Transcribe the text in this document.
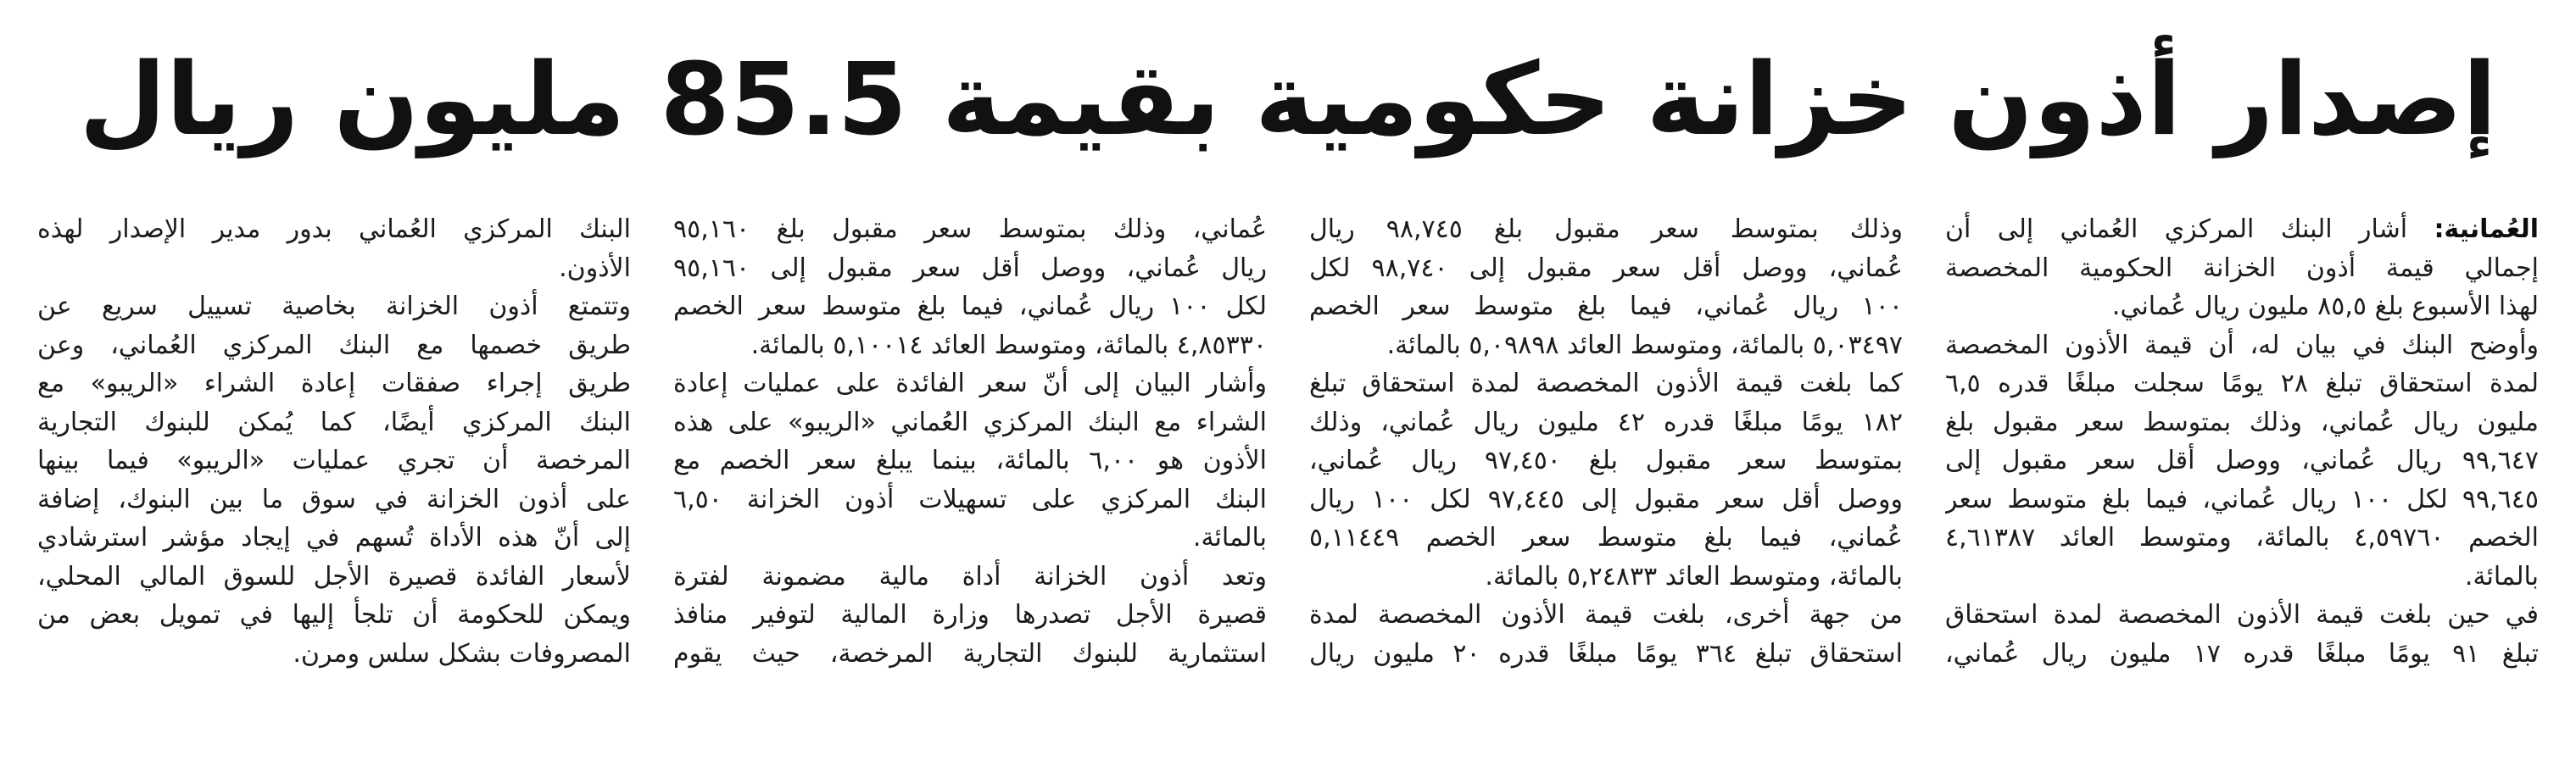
إصدار أذون خزانة حكومية بقيمة 85.5 مليون ريال
العُمانية: أشار البنك المركزي العُماني إلى أن
إجمالي قيمة أذون الخزانة الحكومية المخصصة
لهذا الأسبوع بلغ ٨٥,٥ مليون ريال عُماني.
وأوضح البنك في بيان له، أن قيمة الأذون المخصصة
لمدة استحقاق تبلغ ٢٨ يومًا سجلت مبلغًا قدره ٦,٥
مليون ريال عُماني، وذلك بمتوسط سعر مقبول بلغ
٩٩,٦٤٧ ريال عُماني، ووصل أقل سعر مقبول إلى
٩٩,٦٤٥ لكل ١٠٠ ريال عُماني، فيما بلغ متوسط سعر
الخصم ٤,٥٩٧٦٠ بالمائة، ومتوسط العائد ٤,٦١٣٨٧
بالمائة.
في حين بلغت قيمة الأذون المخصصة لمدة استحقاق
تبلغ ٩١ يومًا مبلغًا قدره ١٧ مليون ريال عُماني،
وذلك بمتوسط سعر مقبول بلغ ٩٨,٧٤٥ ريال
عُماني، ووصل أقل سعر مقبول إلى ٩٨,٧٤٠ لكل
١٠٠ ريال عُماني، فيما بلغ متوسط سعر الخصم
٥,٠٣٤٩٧ بالمائة، ومتوسط العائد ٥,٠٩٨٩٨ بالمائة.
كما بلغت قيمة الأذون المخصصة لمدة استحقاق تبلغ
١٨٢ يومًا مبلغًا قدره ٤٢ مليون ريال عُماني، وذلك
بمتوسط سعر مقبول بلغ ٩٧,٤٥٠ ريال عُماني،
ووصل أقل سعر مقبول إلى ٩٧,٤٤٥ لكل ١٠٠ ريال
عُماني، فيما بلغ متوسط سعر الخصم ٥,١١٤٤٩
بالمائة، ومتوسط العائد ٥,٢٤٨٣٣ بالمائة.
من جهة أخرى، بلغت قيمة الأذون المخصصة لمدة
استحقاق تبلغ ٣٦٤ يومًا مبلغًا قدره ٢٠ مليون ريال
عُماني، وذلك بمتوسط سعر مقبول بلغ ٩٥,١٦٠
ريال عُماني، ووصل أقل سعر مقبول إلى ٩٥,١٦٠
لكل ١٠٠ ريال عُماني، فيما بلغ متوسط سعر الخصم
٤,٨٥٣٣٠ بالمائة، ومتوسط العائد ٥,١٠٠١٤ بالمائة.
وأشار البيان إلى أنّ سعر الفائدة على عمليات إعادة
الشراء مع البنك المركزي العُماني «الريبو» على هذه
الأذون هو ٦,٠٠ بالمائة، بينما يبلغ سعر الخصم مع
البنك المركزي على تسهيلات أذون الخزانة ٦,٥٠
بالمائة.
وتعد أذون الخزانة أداة مالية مضمونة لفترة
قصيرة الأجل تصدرها وزارة المالية لتوفير منافذ
استثمارية للبنوك التجارية المرخصة، حيث يقوم
البنك المركزي العُماني بدور مدير الإصدار لهذه
الأذون.
وتتمتع أذون الخزانة بخاصية تسييل سريع عن
طريق خصمها مع البنك المركزي العُماني، وعن
طريق إجراء صفقات إعادة الشراء «الريبو» مع
البنك المركزي أيضًا، كما يُمكن للبنوك التجارية
المرخصة أن تجري عمليات «الريبو» فيما بينها
على أذون الخزانة في سوق ما بين البنوك، إضافة
إلى أنّ هذه الأداة تُسهم في إيجاد مؤشر استرشادي
لأسعار الفائدة قصيرة الأجل للسوق المالي المحلي،
ويمكن للحكومة أن تلجأ إليها في تمويل بعض من
المصروفات بشكل سلس ومرن.
